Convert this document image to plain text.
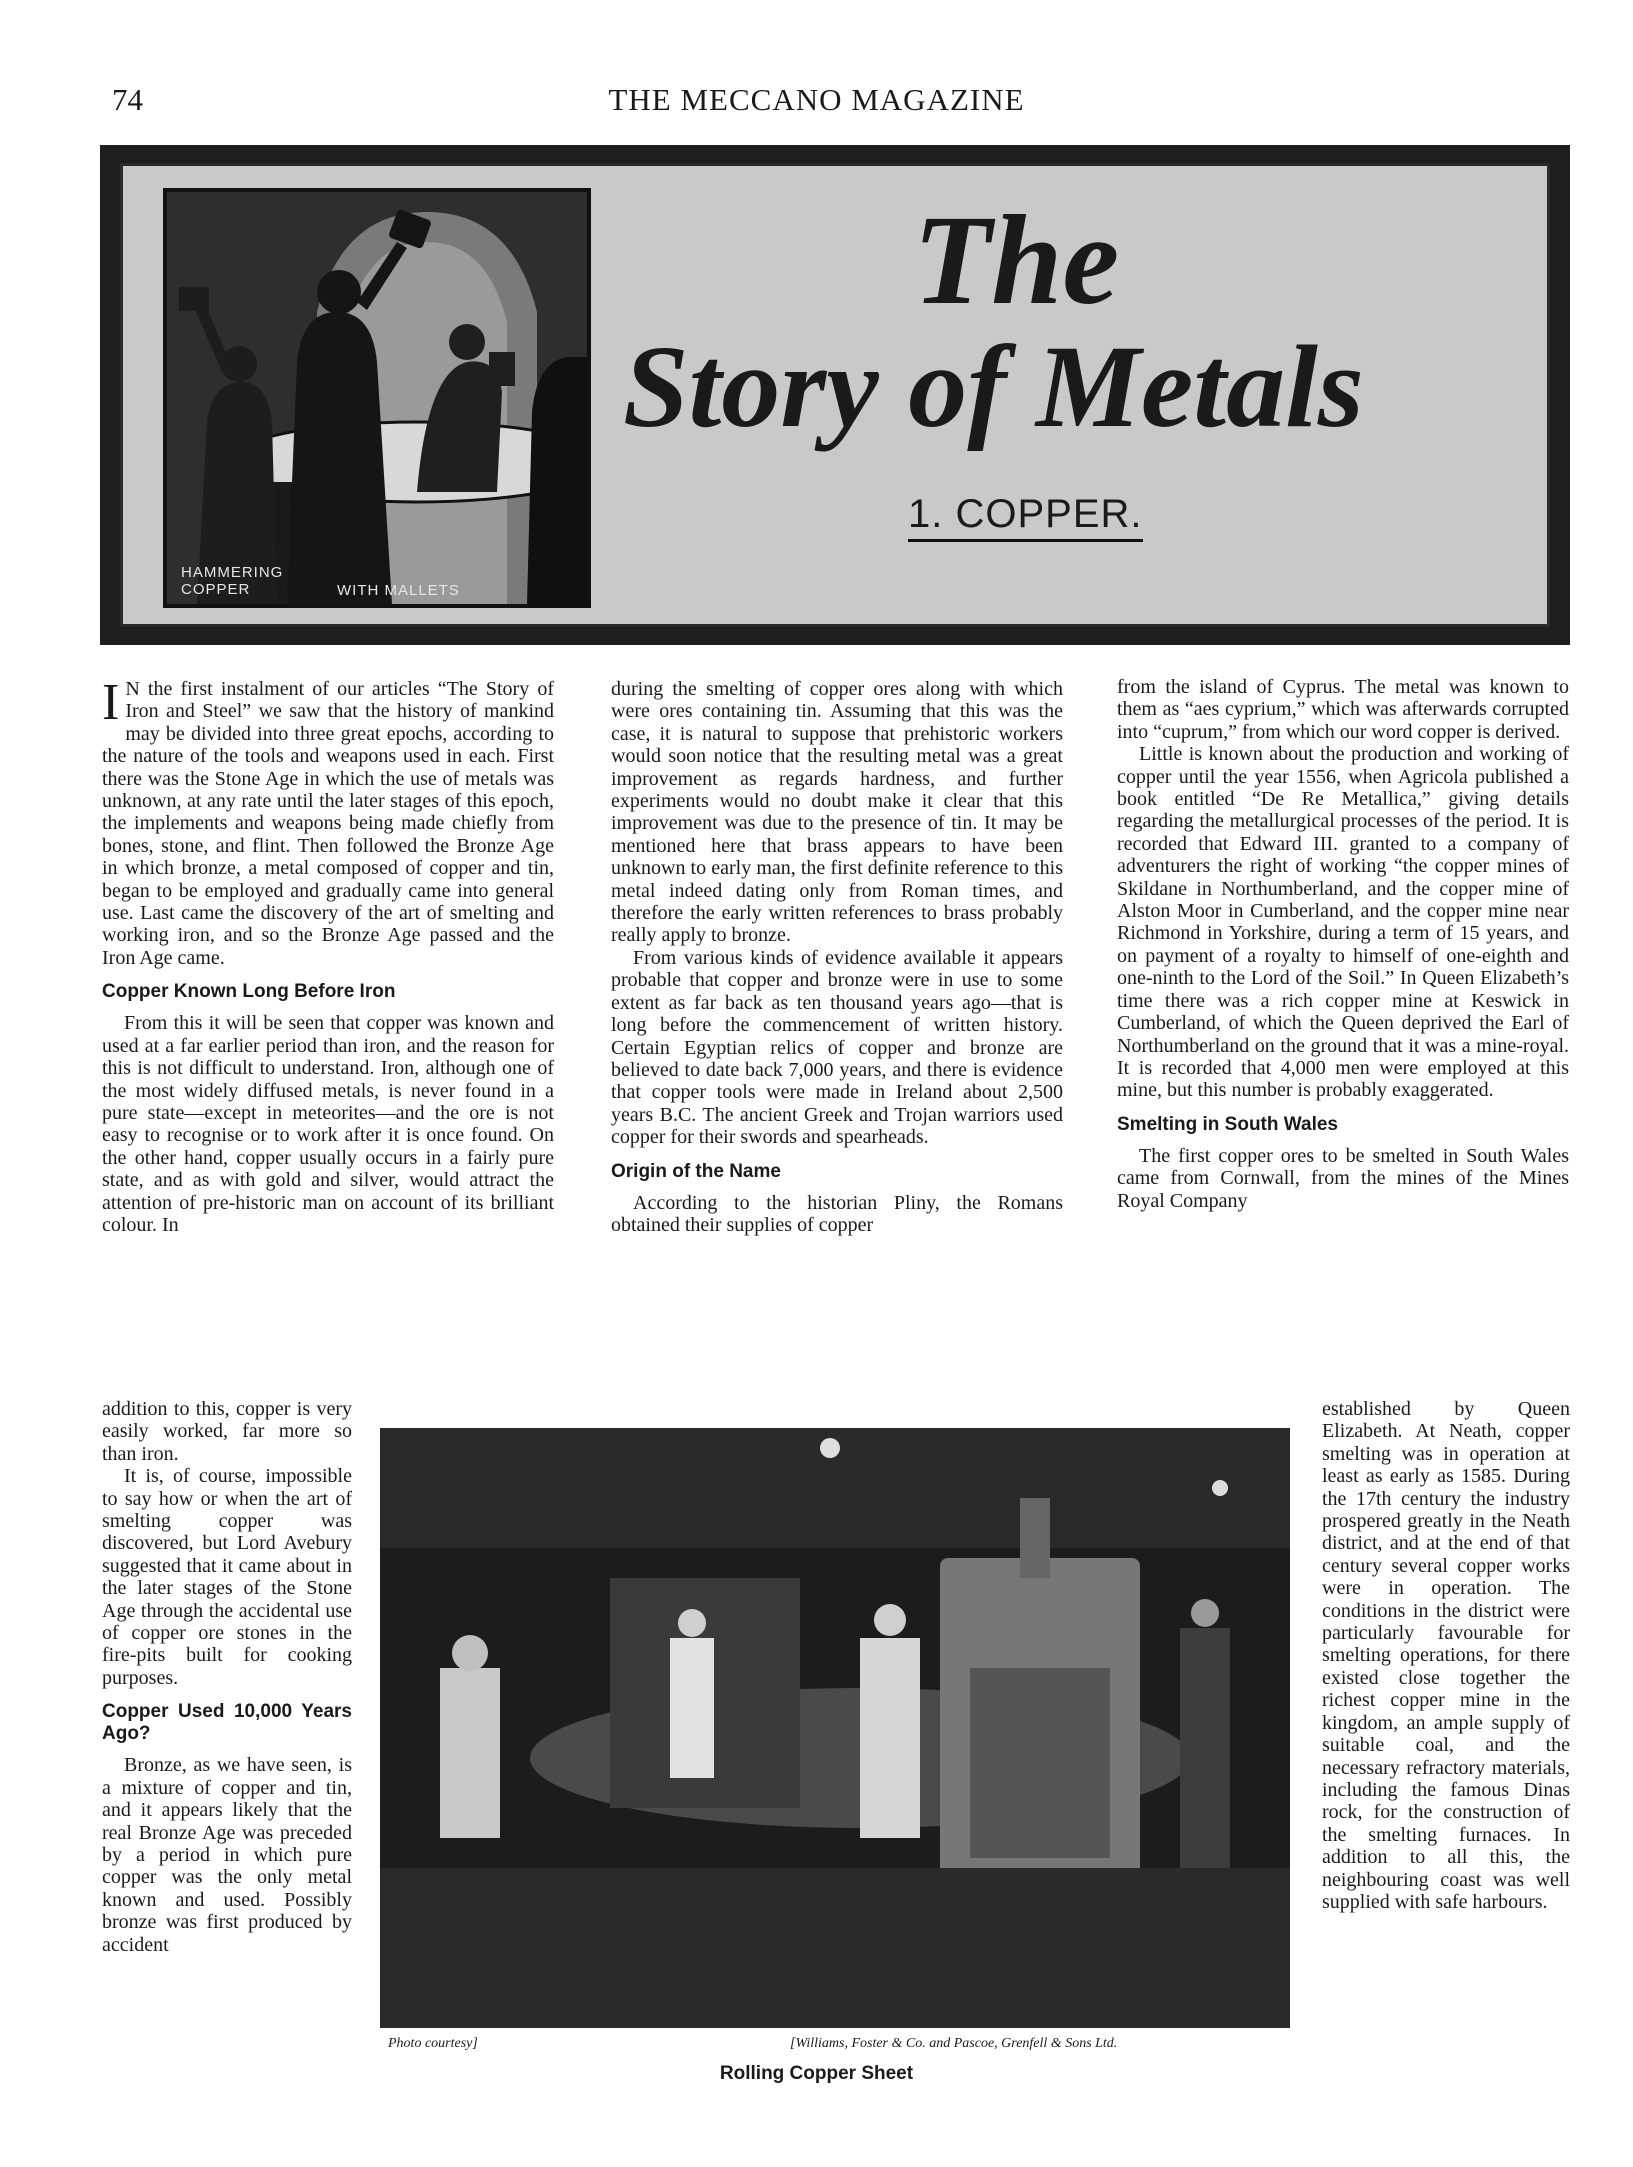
74	THE MECCANO MAGAZINE
HAMMERING
COPPER	WITH MALLETS
The
Story of Metals
1. COPPER.

I N the first instalment of our articles “The Story of Iron and Steel” we saw that the history of mankind may be divided into three great epochs, according to the nature of the tools and weapons used in each. First there was the Stone Age in which the use of metals was unknown, at any rate until the later stages of this epoch, the implements and weapons being made chiefly from bones, stone, and flint. Then followed the Bronze Age in which bronze, a metal composed of copper and tin, began to be employed and gradually came into general use. Last came the discovery of the art of smelting and working iron, and so the Bronze Age passed and the Iron Age came.

Copper Known Long Before Iron

From this it will be seen that copper was known and used at a far earlier period than iron, and the reason for this is not difficult to understand. Iron, although one of the most widely diffused metals, is never found in a pure state—except in meteorites—and the ore is not easy to recognise or to work after it is once found. On the other hand, copper usually occurs in a fairly pure state, and as with gold and silver, would attract the attention of pre-historic man on account of its brilliant colour. In

addition to this, copper is very easily worked, far more so than iron.

It is, of course, impossible to say how or when the art of smelting copper was discovered, but Lord Avebury suggested that it came about in the later stages of the Stone Age through the accidental use of copper ore stones in the fire-pits built for cooking purposes.

Copper Used 10,000 Years Ago?

Bronze, as we have seen, is a mixture of copper and tin, and it appears likely that the real Bronze Age was preceded by a period in which pure copper was the only metal known and used. Possibly bronze was first produced by accident

during the smelting of copper ores along with which were ores containing tin. Assuming that this was the case, it is natural to suppose that prehistoric workers would soon notice that the resulting metal was a great improvement as regards hardness, and further experiments would no doubt make it clear that this improvement was due to the presence of tin. It may be mentioned here that brass appears to have been unknown to early man, the first definite reference to this metal indeed dating only from Roman times, and therefore the early written references to brass probably really apply to bronze.

From various kinds of evidence available it appears probable that copper and bronze were in use to some extent as far back as ten thousand years ago—that is long before the commencement of written history. Certain Egyptian relics of copper and bronze are believed to date back 7,000 years, and there is evidence that copper tools were made in Ireland about 2,500 years B.C. The ancient Greek and Trojan warriors used copper for their swords and spearheads.

Origin of the Name

According to the historian Pliny, the Romans obtained their supplies of copper

from the island of Cyprus. The metal was known to them as “aes cyprium,” which was afterwards corrupted into “cuprum,” from which our word copper is derived.

Little is known about the production and working of copper until the year 1556, when Agricola published a book entitled “De Re Metallica,” giving details regarding the metallurgical processes of the period. It is recorded that Edward III. granted to a company of adventurers the right of working “the copper mines of Skildane in Northumberland, and the copper mine of Alston Moor in Cumberland, and the copper mine near Richmond in Yorkshire, during a term of 15 years, and on payment of a royalty to himself of one-eighth and one-ninth to the Lord of the Soil.” In Queen Elizabeth’s time there was a rich copper mine at Keswick in Cumberland, of which the Queen deprived the Earl of Northumberland on the ground that it was a mine-royal. It is recorded that 4,000 men were employed at this mine, but this number is probably exaggerated.

Smelting in South Wales

The first copper ores to be smelted in South Wales came from Cornwall, from the mines of the Mines Royal Company

established by Queen Elizabeth. At Neath, copper smelting was in operation at least as early as 1585. During the 17th century the industry prospered greatly in the Neath district, and at the end of that century several copper works were in operation. The conditions in the district were particularly favourable for smelting operations, for there existed close together the richest copper mine in the kingdom, an ample supply of suitable coal, and the necessary refractory materials, including the famous Dinas rock, for the construction of the smelting furnaces. In addition to all this, the neighbouring coast was well supplied with safe harbours.

Photo courtesy]	[Williams, Foster & Co. and Pascoe, Grenfell & Sons Ltd.
Rolling Copper Sheet
